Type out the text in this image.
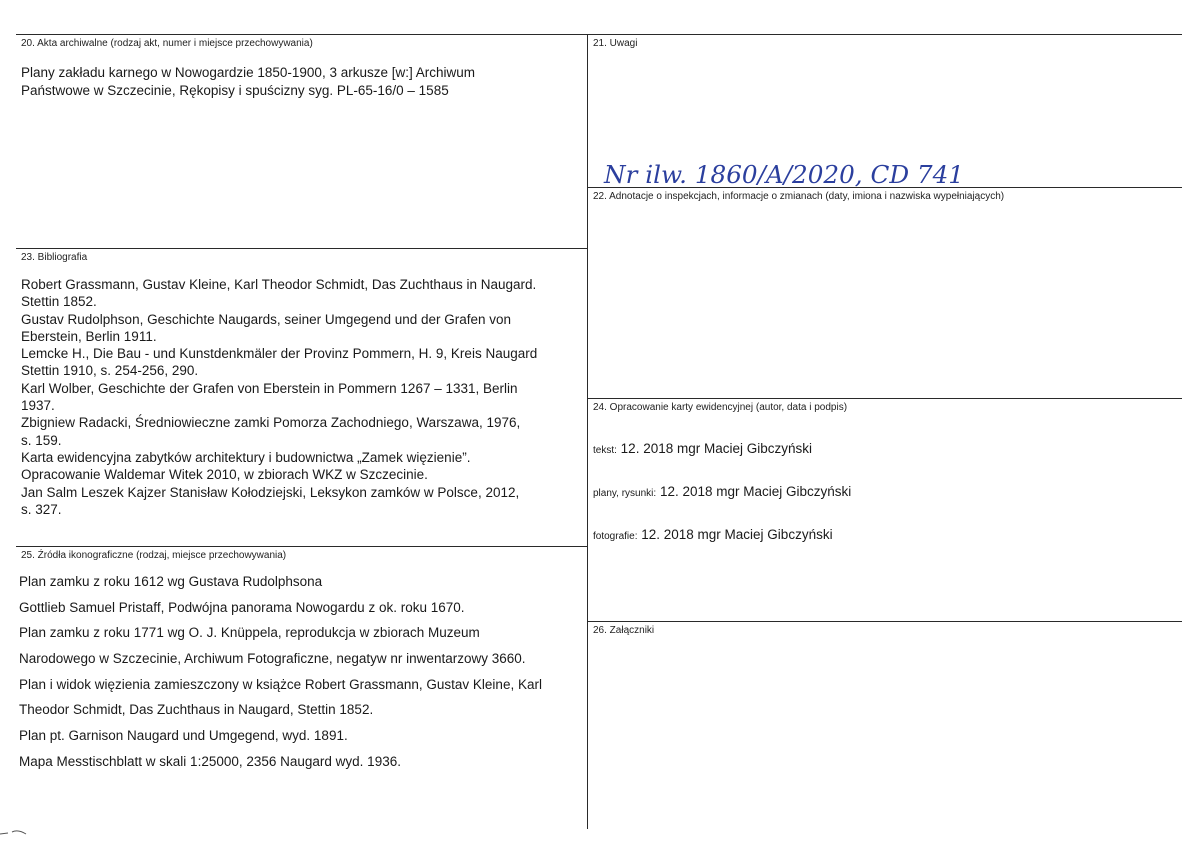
20. Akta archiwalne (rodzaj akt, numer i miejsce przechowywania)

Plany zakładu karnego w Nowogardzie 1850-1900, 3 arkusze [w:] Archiwum

Państwowe w Szczecinie, Rękopisy i spuścizny syg. PL-65-16/0 – 1585

21. Uwagi
Nr ilw. 1860/A/2020, CD 741
22. Adnotacje o inspekcjach, informacje o zmianach (daty, imiona i nazwiska wypełniających)
23. Bibliografia

Robert Grassmann, Gustav Kleine, Karl Theodor Schmidt, Das Zuchthaus in Naugard.

Stettin 1852.

Gustav Rudolphson, Geschichte Naugards, seiner Umgegend und der Grafen von

Eberstein, Berlin 1911.

Lemcke H., Die Bau - und Kunstdenkmäler der Provinz Pommern, H. 9, Kreis Naugard

Stettin 1910, s. 254-256, 290.

Karl Wolber, Geschichte der Grafen von Eberstein in Pommern 1267 – 1331, Berlin

1937.

Zbigniew Radacki, Średniowieczne zamki Pomorza Zachodniego, Warszawa, 1976,

s. 159.

Karta ewidencyjna zabytków architektury i budownictwa „Zamek więzienie”.

Opracowanie Waldemar Witek 2010, w zbiorach WKZ w Szczecinie.

Jan Salm Leszek Kajzer Stanisław Kołodziejski, Leksykon zamków w Polsce, 2012,

s. 327.

24. Opracowanie karty ewidencyjnej (autor, data i podpis)
tekst: 12. 2018 mgr Maciej Gibczyński
plany, rysunki: 12. 2018 mgr Maciej Gibczyński
fotografie: 12. 2018 mgr Maciej Gibczyński
25. Źródła ikonograficzne (rodzaj, miejsce przechowywania)

Plan zamku z roku 1612 wg Gustava Rudolphsona

Gottlieb Samuel Pristaff, Podwójna panorama Nowogardu z ok. roku 1670.

Plan zamku z roku 1771 wg O. J. Knüppela, reprodukcja w zbiorach Muzeum

Narodowego w Szczecinie, Archiwum Fotograficzne, negatyw nr inwentarzowy 3660.

Plan i widok więzienia zamieszczony w książce Robert Grassmann, Gustav Kleine, Karl

Theodor Schmidt, Das Zuchthaus in Naugard, Stettin 1852.

Plan pt. Garnison Naugard und Umgegend, wyd. 1891.

Mapa Messtischblatt w skali 1:25000, 2356 Naugard wyd. 1936.

26. Załączniki
